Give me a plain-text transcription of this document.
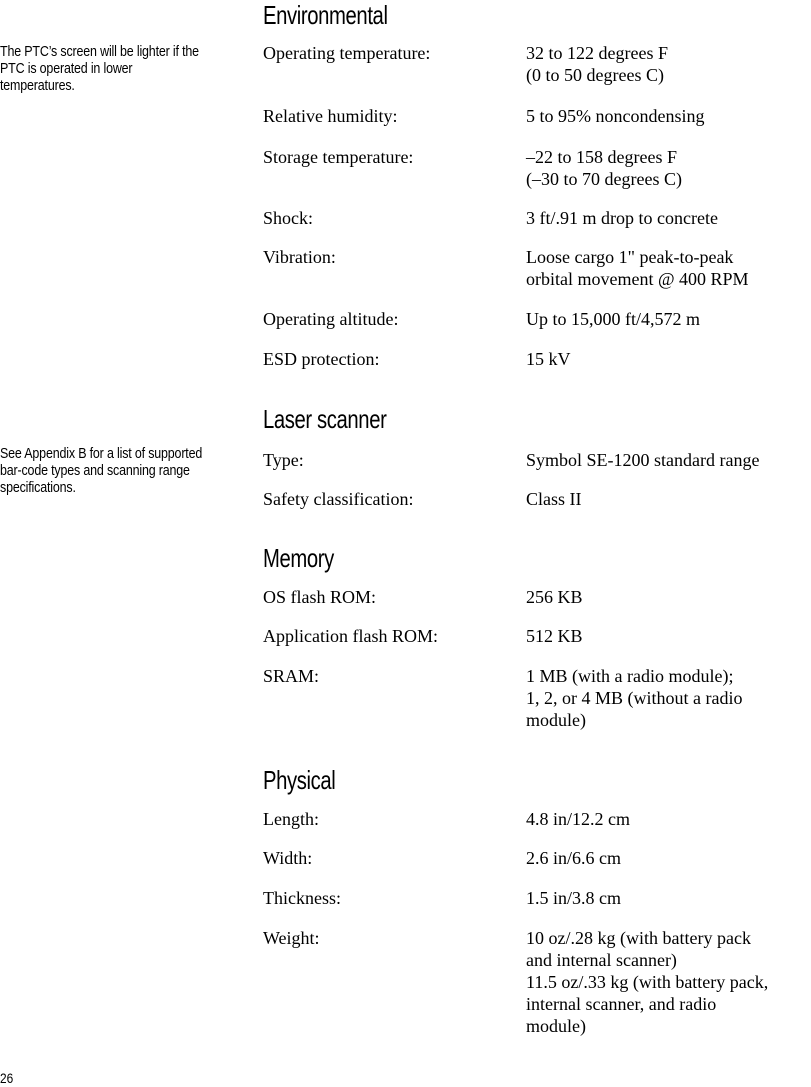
The PTC’s screen will be lighter if the PTC is operated in lower temperatures.
See Appendix B for a list of supported bar-code types and scanning range specifications.
Environmental
Operating temperature:	32 to 122 degrees F
(0 to 50 degrees C)
Relative humidity:	5 to 95% noncondensing
Storage temperature:	–22 to 158 degrees F
(–30 to 70 degrees C)
Shock:	3 ft/.91 m drop to concrete
Vibration:	Loose cargo 1" peak-to-peak
orbital movement @ 400 RPM
Operating altitude:	Up to 15,000 ft/4,572 m
ESD protection:	15 kV
Laser scanner
Type:	Symbol SE-1200 standard range
Safety classification:	Class II
Memory
OS flash ROM:	256 KB
Application flash ROM:	512 KB
SRAM:	1 MB (with a radio module);
1, 2, or 4 MB (without a radio
module)
Physical
Length:	4.8 in/12.2 cm
Width:	2.6 in/6.6 cm
Thickness:	1.5 in/3.8 cm
Weight:	10 oz/.28 kg (with battery pack
and internal scanner)
11.5 oz/.33 kg (with battery pack,
internal scanner, and radio
module)
26
